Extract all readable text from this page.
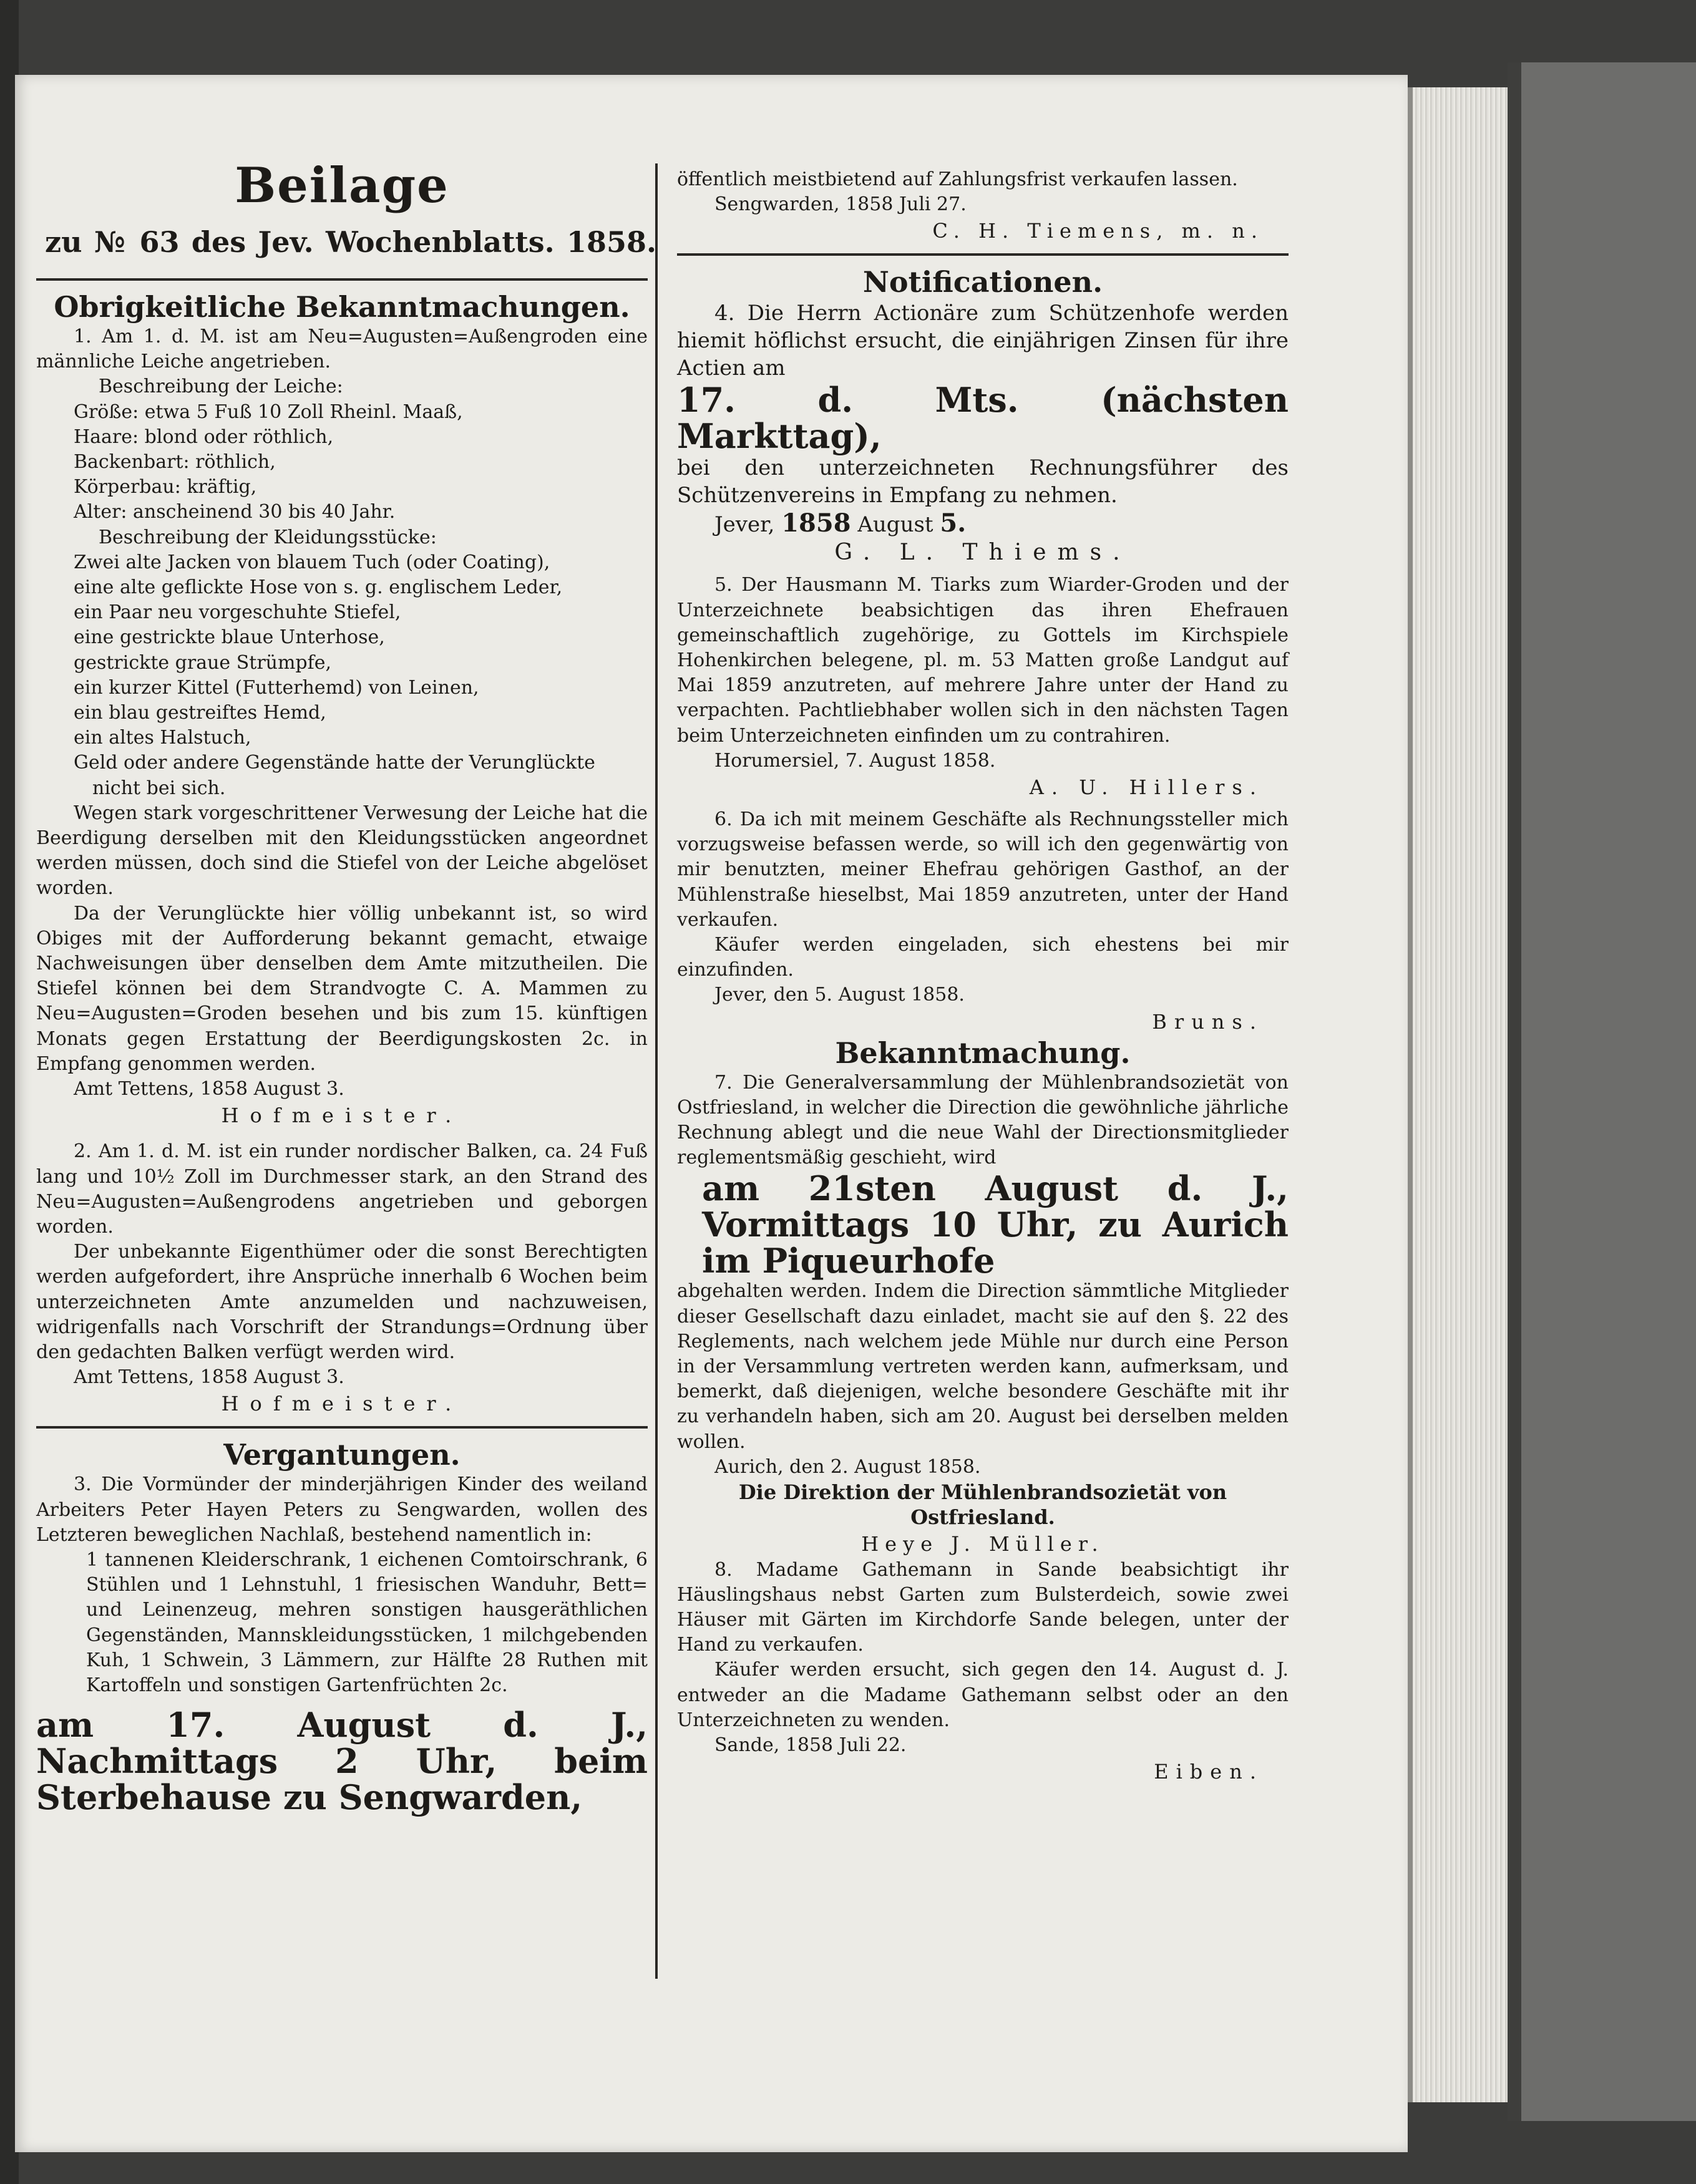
Beilage
zu № 63 des Jev. Wochenblatts. 1858.
Obrigkeitliche Bekanntmachungen.

1. Am 1. d. M. ist am Neu=Augusten=Außengroden eine männliche Leiche angetrieben.

Beschreibung der Leiche:

Größe: etwa 5 Fuß 10 Zoll Rheinl. Maaß,

Haare: blond oder röthlich,

Backenbart: röthlich,

Körperbau: kräftig,

Alter: anscheinend 30 bis 40 Jahr.

Beschreibung der Kleidungsstücke:

Zwei alte Jacken von blauem Tuch (oder Coating),

eine alte geflickte Hose von s. g. englischem Leder,

ein Paar neu vorgeschuhte Stiefel,

eine gestrickte blaue Unterhose,

gestrickte graue Strümpfe,

ein kurzer Kittel (Futterhemd) von Leinen,

ein blau gestreiftes Hemd,

ein altes Halstuch,

Geld oder andere Gegenstände hatte der Verunglückte nicht bei sich.

Wegen stark vorgeschrittener Verwesung der Leiche hat die Beerdigung derselben mit den Kleidungsstücken angeordnet werden müssen, doch sind die Stiefel von der Leiche abgelöset worden.

Da der Verunglückte hier völlig unbekannt ist, so wird Obiges mit der Aufforderung bekannt gemacht, etwaige Nachweisungen über denselben dem Amte mitzutheilen. Die Stiefel können bei dem Strandvogte C. A. Mammen zu Neu=Augusten=Groden besehen und bis zum 15. künftigen Monats gegen Erstattung der Beerdigungskosten 2c. in Empfang genommen werden.

Amt Tettens, 1858 August 3.

Hofmeister.

2. Am 1. d. M. ist ein runder nordischer Balken, ca. 24 Fuß lang und 10½ Zoll im Durchmesser stark, an den Strand des Neu=Augusten=Außengrodens angetrieben und geborgen worden.

Der unbekannte Eigenthümer oder die sonst Berechtigten werden aufgefordert, ihre Ansprüche innerhalb 6 Wochen beim unterzeichneten Amte anzumelden und nachzuweisen, widrigenfalls nach Vorschrift der Strandungs=Ordnung über den gedachten Balken verfügt werden wird.

Amt Tettens, 1858 August 3.

Hofmeister.

Vergantungen.

3. Die Vormünder der minderjährigen Kinder des weiland Arbeiters Peter Hayen Peters zu Sengwarden, wollen des Letzteren beweglichen Nachlaß, bestehend namentlich in:

1 tannenen Kleiderschrank, 1 eichenen Comtoirschrank, 6 Stühlen und 1 Lehnstuhl, 1 friesischen Wanduhr, Bett= und Leinenzeug, mehren sonstigen hausgeräthlichen Gegenständen, Mannskleidungsstücken, 1 milchgebenden Kuh, 1 Schwein, 3 Lämmern, zur Hälfte 28 Ruthen mit Kartoffeln und sonstigen Gartenfrüchten 2c.

am 17. August d. J., Nachmittags 2 Uhr, beim Sterbehause zu Sengwarden,

öffentlich meistbietend auf Zahlungsfrist verkaufen lassen.

Sengwarden, 1858 Juli 27.

C. H. Tiemens, m. n.

Notificationen.

4. Die Herrn Actionäre zum Schützenhofe werden hiemit höflichst ersucht, die einjährigen Zinsen für ihre Actien am

17. d. Mts. (nächsten Markttag),

bei den unterzeichneten Rechnungsführer des Schützenvereins in Empfang zu nehmen.

Jever, 1858 August 5.

G. L. Thiems.

5. Der Hausmann M. Tiarks zum Wiarder-Groden und der Unterzeichnete beabsichtigen das ihren Ehefrauen gemeinschaftlich zugehörige, zu Gottels im Kirchspiele Hohenkirchen belegene, pl. m. 53 Matten große Landgut auf Mai 1859 anzutreten, auf mehrere Jahre unter der Hand zu verpachten. Pachtliebhaber wollen sich in den nächsten Tagen beim Unterzeichneten einfinden um zu contrahiren.

Horumersiel, 7. August 1858.

A. U. Hillers.

6. Da ich mit meinem Geschäfte als Rechnungssteller mich vorzugsweise befassen werde, so will ich den gegenwärtig von mir benutzten, meiner Ehefrau gehörigen Gasthof, an der Mühlenstraße hieselbst, Mai 1859 anzutreten, unter der Hand verkaufen.

Käufer werden eingeladen, sich ehestens bei mir einzufinden.

Jever, den 5. August 1858.

Bruns.

Bekanntmachung.

7. Die Generalversammlung der Mühlenbrandsozietät von Ostfriesland, in welcher die Direction die gewöhnliche jährliche Rechnung ablegt und die neue Wahl der Directionsmitglieder reglementsmäßig geschieht, wird

am 21sten August d. J., Vormittags 10 Uhr, zu Aurich im Piqueurhofe

abgehalten werden. Indem die Direction sämmtliche Mitglieder dieser Gesellschaft dazu einladet, macht sie auf den §. 22 des Reglements, nach welchem jede Mühle nur durch eine Person in der Versammlung vertreten werden kann, aufmerksam, und bemerkt, daß diejenigen, welche besondere Geschäfte mit ihr zu verhandeln haben, sich am 20. August bei derselben melden wollen.

Aurich, den 2. August 1858.

Die Direktion der Mühlenbrandsozietät von Ostfriesland.

Heye J. Müller.

8. Madame Gathemann in Sande beabsichtigt ihr Häuslingshaus nebst Garten zum Bulsterdeich, sowie zwei Häuser mit Gärten im Kirchdorfe Sande belegen, unter der Hand zu verkaufen.

Käufer werden ersucht, sich gegen den 14. August d. J. entweder an die Madame Gathemann selbst oder an den Unterzeichneten zu wenden.

Sande, 1858 Juli 22.

Eiben.
